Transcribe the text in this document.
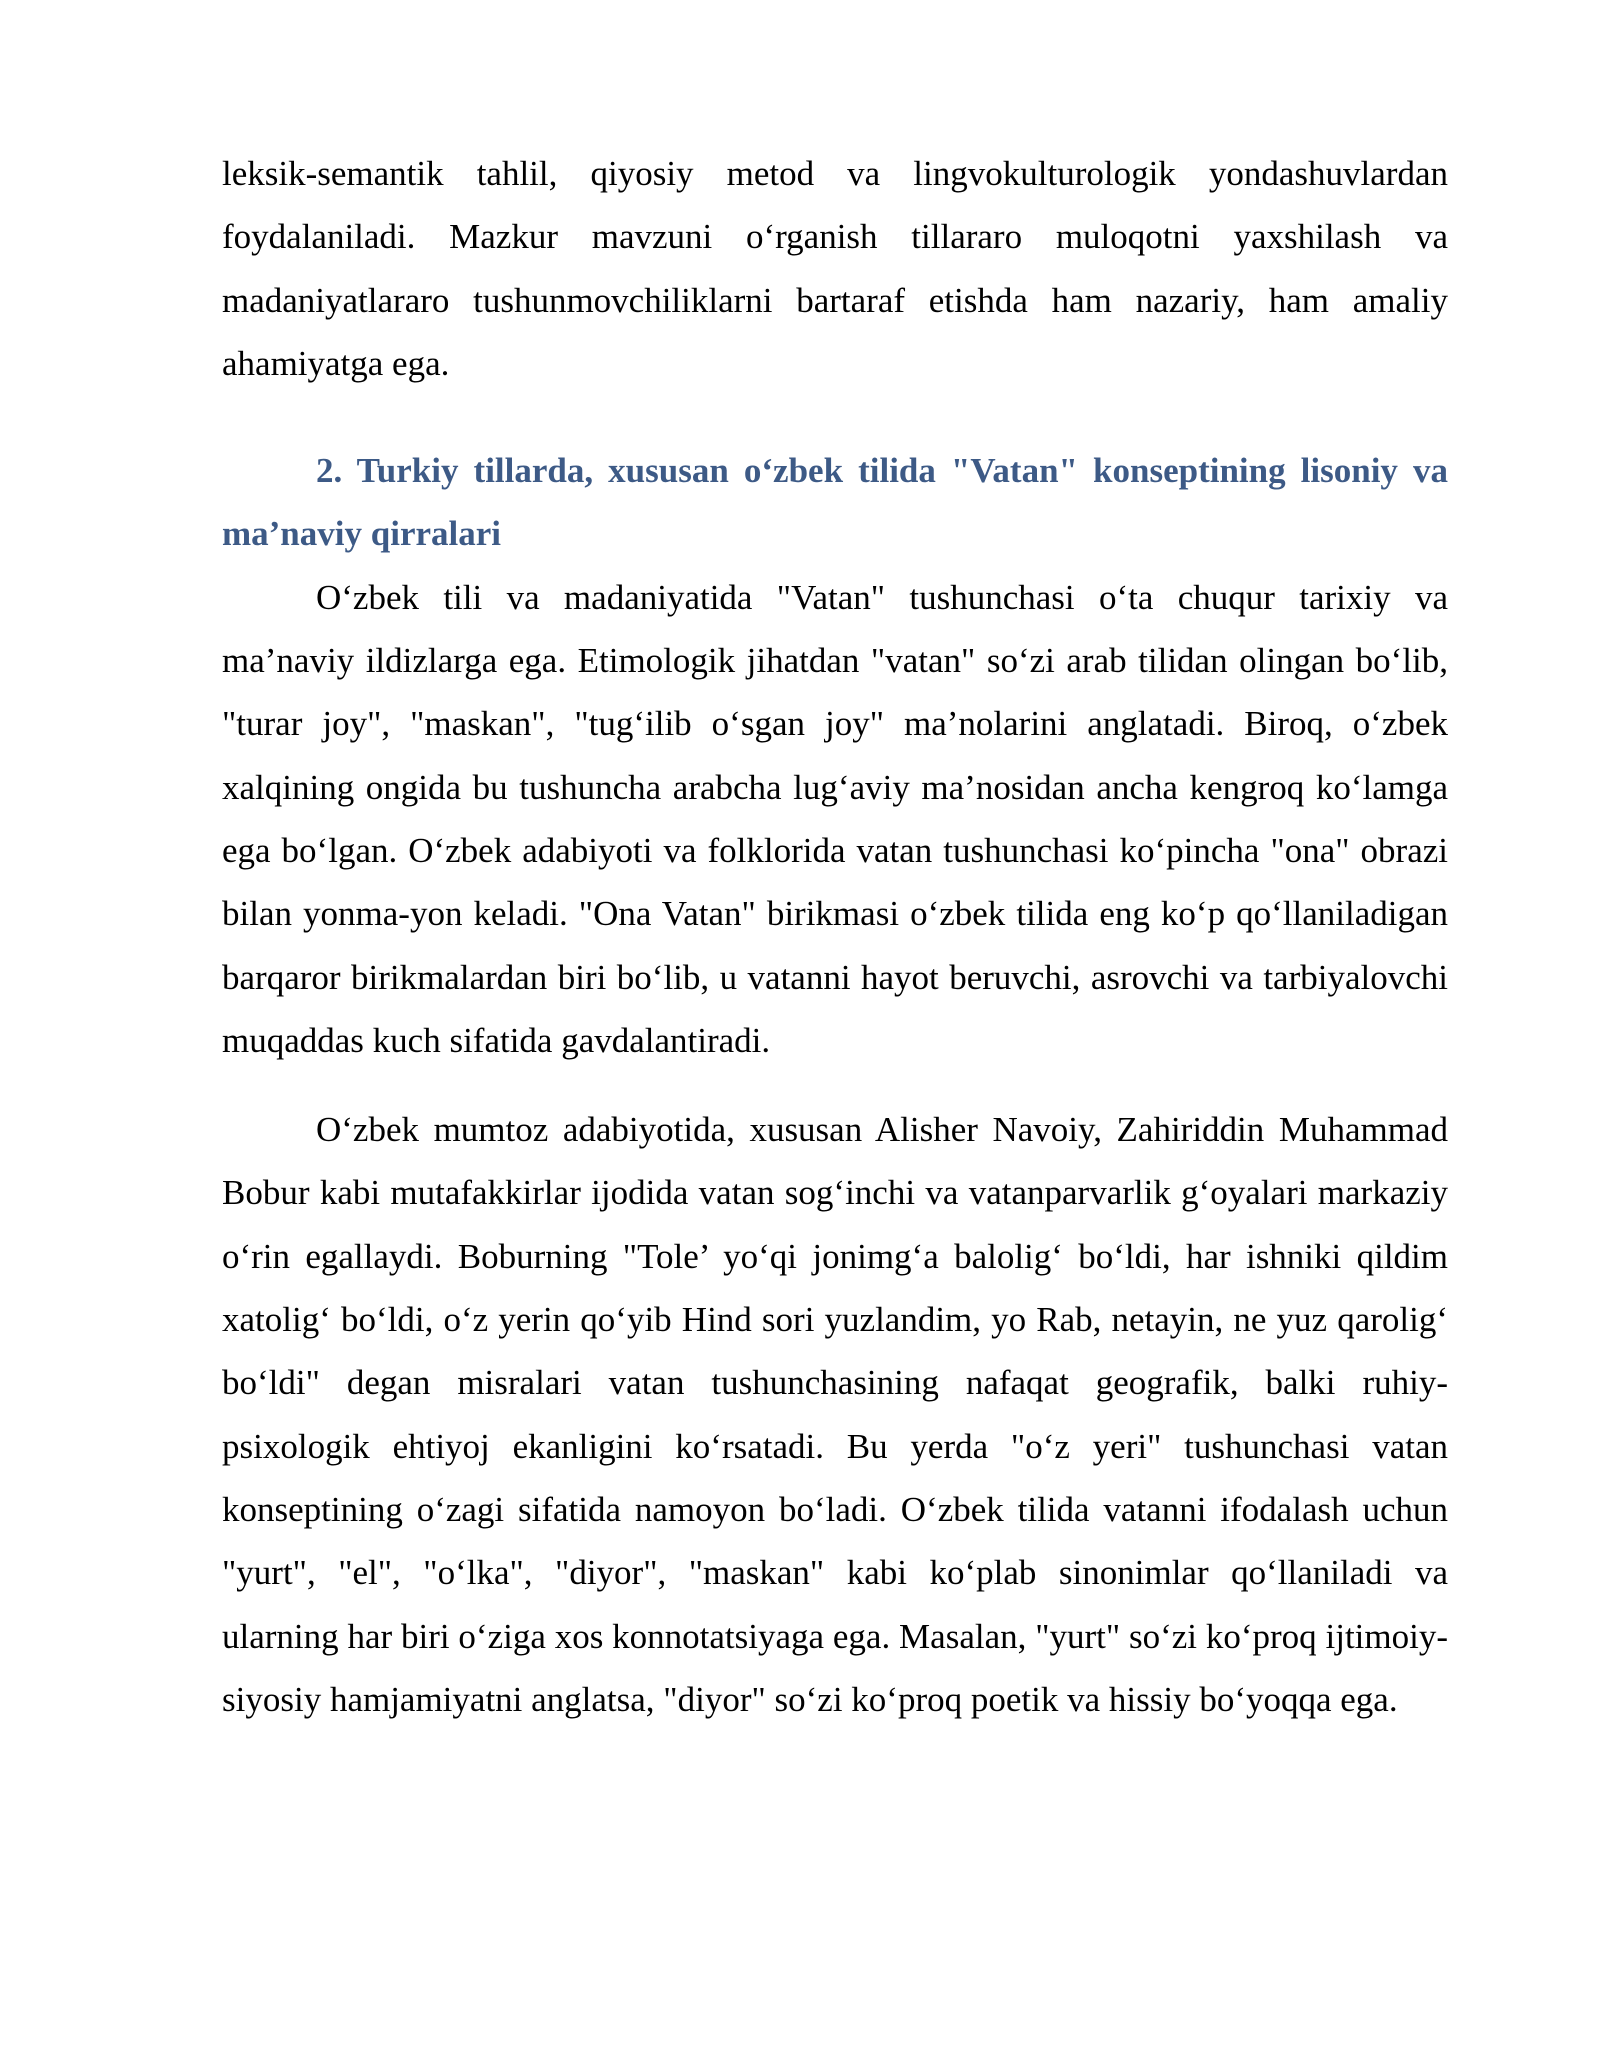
leksik-semantik tahlil, qiyosiy metod va lingvokulturologik yondashuvlardan foydalaniladi. Mazkur mavzuni o‘rganish tillararo muloqotni yaxshilash va madaniyatlararo tushunmovchiliklarni bartaraf etishda ham nazariy, ham amaliy ahamiyatga ega.

2. Turkiy tillarda, xususan o‘zbek tilida "Vatan" konseptining lisoniy va ma’naviy qirralari

O‘zbek tili va madaniyatida "Vatan" tushunchasi o‘ta chuqur tarixiy va ma’naviy ildizlarga ega. Etimologik jihatdan "vatan" so‘zi arab tilidan olingan bo‘lib, "turar joy", "maskan", "tug‘ilib o‘sgan joy" ma’nolarini anglatadi. Biroq, o‘zbek xalqining ongida bu tushuncha arabcha lug‘aviy ma’nosidan ancha kengroq ko‘lamga ega bo‘lgan. O‘zbek adabiyoti va folklorida vatan tushunchasi ko‘pincha "ona" obrazi bilan yonma-yon keladi. "Ona Vatan" birikmasi o‘zbek tilida eng ko‘p qo‘llaniladigan barqaror birikmalardan biri bo‘lib, u vatanni hayot beruvchi, asrovchi va tarbiyalovchi muqaddas kuch sifatida gavdalantiradi.

O‘zbek mumtoz adabiyotida, xususan Alisher Navoiy, Zahiriddin Muhammad Bobur kabi mutafakkirlar ijodida vatan sog‘inchi va vatanparvarlik g‘oyalari markaziy o‘rin egallaydi. Boburning "Tole’ yo‘qi jonimg‘a balolig‘ bo‘ldi, har ishniki qildim xatolig‘ bo‘ldi, o‘z yerin qo‘yib Hind sori yuzlandim, yo Rab, netayin, ne yuz qarolig‘ bo‘ldi" degan misralari vatan tushunchasining nafaqat geografik, balki ruhiy-psixologik ehtiyoj ekanligini ko‘rsatadi. Bu yerda "o‘z yeri" tushunchasi vatan konseptining o‘zagi sifatida namoyon bo‘ladi. O‘zbek tilida vatanni ifodalash uchun "yurt", "el", "o‘lka", "diyor", "maskan" kabi ko‘plab sinonimlar qo‘llaniladi va ularning har biri o‘ziga xos konnotatsiyaga ega. Masalan, "yurt" so‘zi ko‘proq ijtimoiy-siyosiy hamjamiyatni anglatsa, "diyor" so‘zi ko‘proq poetik va hissiy bo‘yoqqa ega.
